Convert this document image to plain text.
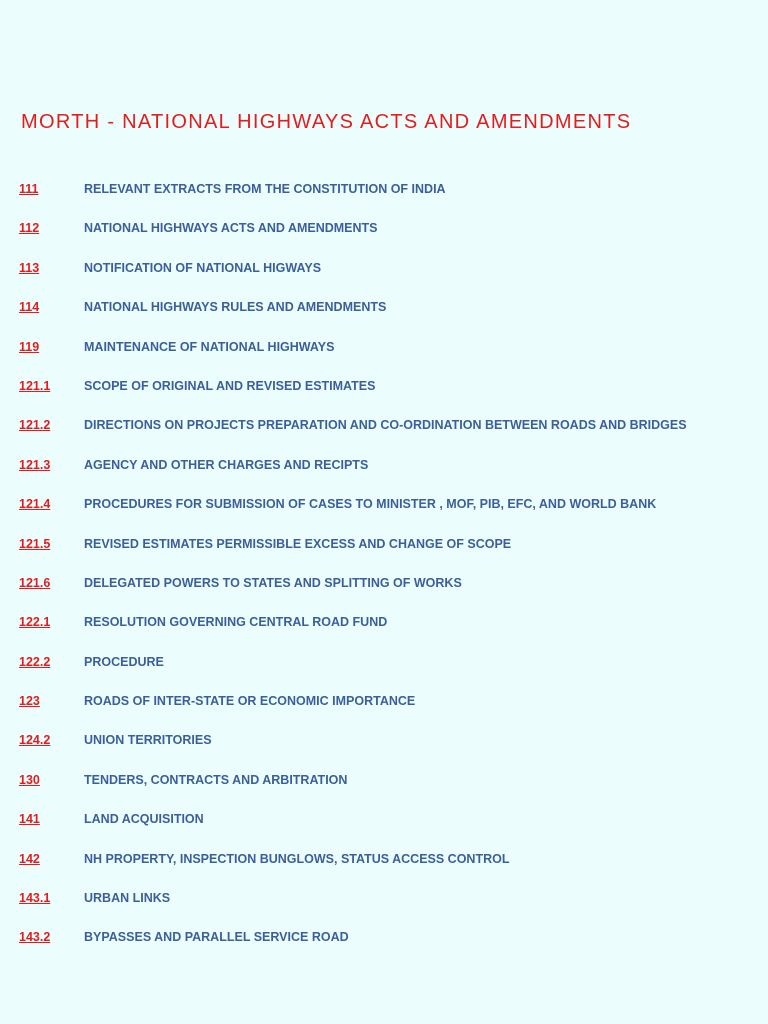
MORTH - NATIONAL HIGHWAYS ACTS AND AMENDMENTS
111	RELEVANT EXTRACTS FROM THE CONSTITUTION OF INDIA
112	NATIONAL HIGHWAYS ACTS AND AMENDMENTS
113	NOTIFICATION OF NATIONAL HIGWAYS
114	NATIONAL HIGHWAYS RULES AND AMENDMENTS
119	MAINTENANCE OF NATIONAL HIGHWAYS
121.1	SCOPE OF ORIGINAL AND REVISED ESTIMATES
121.2	DIRECTIONS ON PROJECTS PREPARATION AND CO-ORDINATION BETWEEN ROADS AND BRIDGES
121.3	AGENCY AND OTHER CHARGES AND RECIPTS
121.4	PROCEDURES FOR SUBMISSION OF CASES TO MINISTER , MOF, PIB, EFC, AND WORLD BANK
121.5	REVISED ESTIMATES PERMISSIBLE EXCESS AND CHANGE OF SCOPE
121.6	DELEGATED POWERS TO STATES AND SPLITTING OF WORKS
122.1	RESOLUTION GOVERNING CENTRAL ROAD FUND
122.2	PROCEDURE
123	ROADS OF INTER-STATE OR ECONOMIC IMPORTANCE
124.2	UNION TERRITORIES
130	TENDERS, CONTRACTS AND ARBITRATION
141	LAND ACQUISITION
142	NH PROPERTY, INSPECTION BUNGLOWS, STATUS ACCESS CONTROL
143.1	URBAN LINKS
143.2	BYPASSES AND PARALLEL SERVICE ROAD
